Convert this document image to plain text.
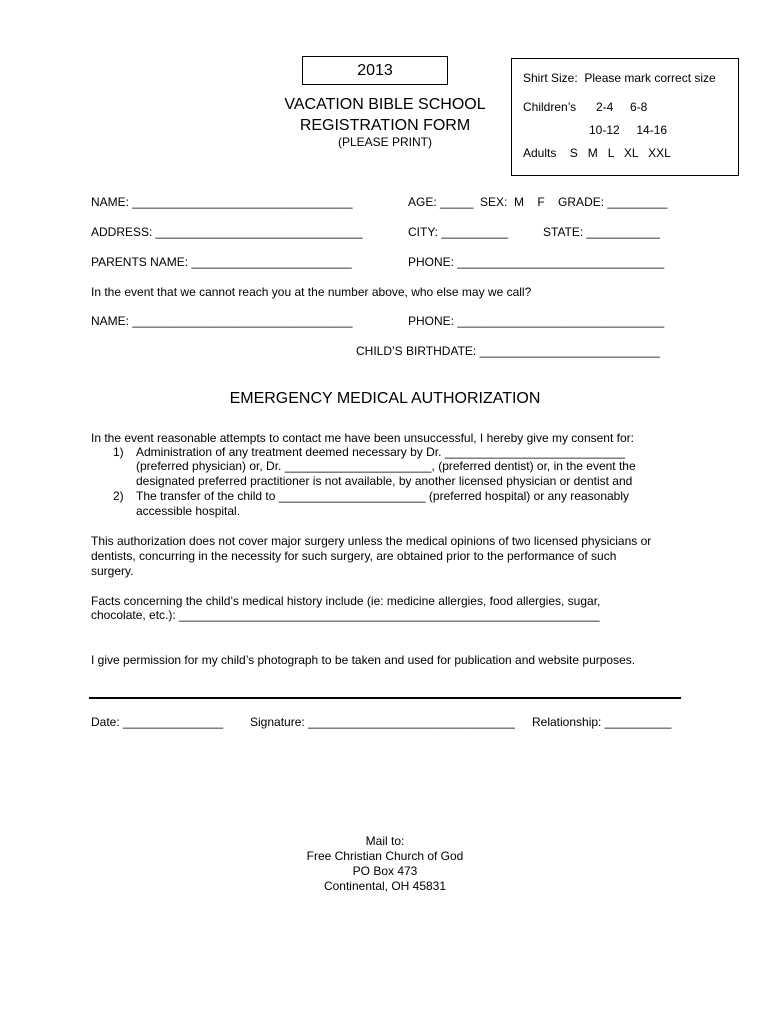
2013
VACATION BIBLE SCHOOL
REGISTRATION FORM
(PLEASE PRINT)
Shirt Size:  Please mark correct size
Children’s 2-4     6-8
10-12     14-16
Adults    S   M   L   XL   XXL
NAME: _________________________________	AGE: _____  SEX:  M    F    GRADE: _________
ADDRESS: _______________________________	CITY: __________	STATE: ___________
PARENTS NAME: ________________________	PHONE: _______________________________
In the event that we cannot reach you at the number above, who else may we call?
NAME: _________________________________	PHONE: _______________________________
CHILD’S BIRTHDATE: ___________________________
EMERGENCY MEDICAL AUTHORIZATION
In the event reasonable attempts to contact me have been unsuccessful, I hereby give my consent for:
1) Administration of any treatment deemed necessary by Dr. ___________________________
(preferred physician) or, Dr. ______________________, (preferred dentist) or, in the event the
designated preferred practitioner is not available, by another licensed physician or dentist and
2) The transfer of the child to ______________________ (preferred hospital) or any reasonably
accessible hospital.
This authorization does not cover major surgery unless the medical opinions of two licensed physicians or
dentists, concurring in the necessity for such surgery, are obtained prior to the performance of such
surgery.
Facts concerning the child’s medical history include (ie: medicine allergies, food allergies, sugar,
chocolate, etc.): _______________________________________________________________
I give permission for my child’s photograph to be taken and used for publication and website purposes.
Date: _______________ Signature: _______________________________ Relationship: __________
Mail to:
Free Christian Church of God
PO Box 473
Continental, OH 45831
